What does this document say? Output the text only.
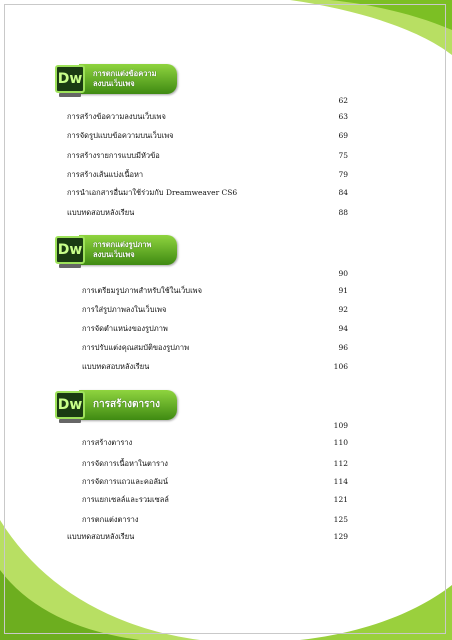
Dw	การตกแต่งข้อความ
ลงบนเว็บเพจ
62
การสร้างข้อความลงบนเว็บเพจ	63
การจัดรูปแบบข้อความบนเว็บเพจ	69
การสร้างรายการแบบมีหัวข้อ	75
การสร้างเส้นแบ่งเนื้อหา	79
การนำเอกสารอื่นมาใช้ร่วมกับ Dreamweaver CS6	84
แบบทดสอบหลังเรียน	88
Dw	การตกแต่งรูปภาพ
ลงบนเว็บเพจ
90
การเตรียมรูปภาพสำหรับใช้ในเว็บเพจ	91
การใส่รูปภาพลงในเว็บเพจ	92
การจัดตำแหน่งของรูปภาพ	94
การปรับแต่งคุณสมบัติของรูปภาพ	96
แบบทดสอบหลังเรียน	106
Dw การสร้างตาราง
109
การสร้างตาราง	110
การจัดการเนื้อหาในตาราง	112
การจัดการแถวและคอลัมน์	114
การแยกเซลล์และรวมเซลล์	121
การตกแต่งตาราง	125
แบบทดสอบหลังเรียน	129
